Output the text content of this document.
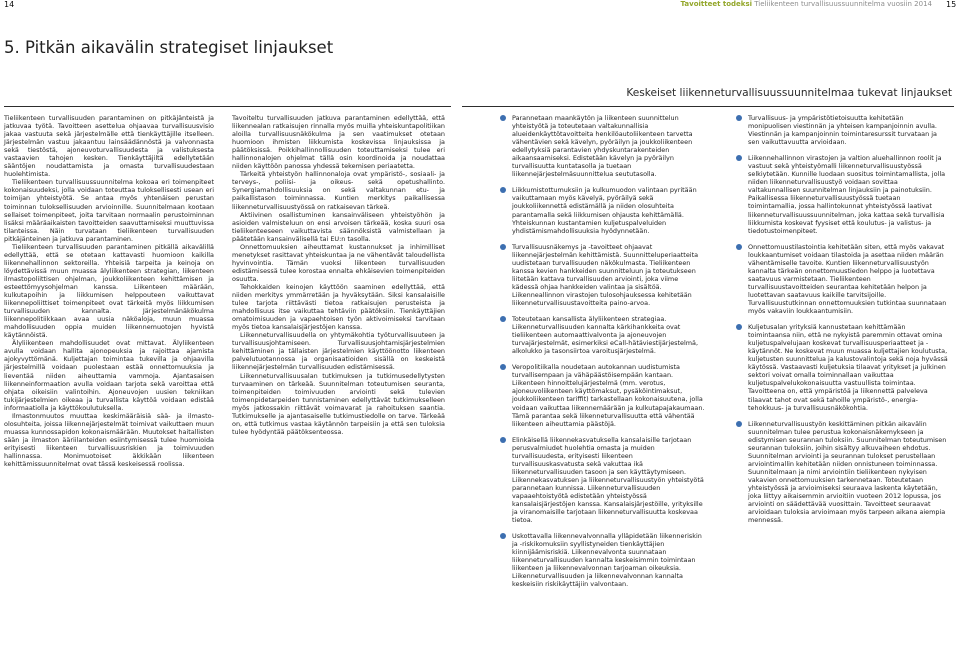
14	Tavoitteet todeksi Tieliikenteen turvallisuussuunnitelma vuosiin 2014 15
5. Pitkän aikavälin strategiset linjaukset
Keskeiset liikenneturvallisuussuunnitelmaa tukevat linjaukset

Tieliikenteen turvallisuuden parantaminen on pitkäjänteistä ja jatkuvaa työtä. Tavoitteen asettelua ohjaavaa turvallisuusvisio jakaa vastuuta sekä järjestelmälle että tienkäyttäjille itselleen. Järjestelmän vastuu jakaantuu lainsäädännöstä ja valvonnasta sekä tiestöstä, ajoneuvoturvallisuudesta ja valistuksesta vastaavien tahojen kesken. Tienkäyttäjiltä edellytetään sääntöjen noudattamista ja omasta turvallisuudestaan huolehtimista.

Tieliikenteen turvallisuussuunnitelma kokoaa eri toimenpiteet kokonaisuudeksi, jolla voidaan toteuttaa tuloksellisesti usean eri toimijan yhteistyötä. Se antaa myös yhtenäisen perustan toiminnan tuloksellisuuden arvioinnille. Suunnitelmaan kootaan sellaiset toimenpiteet, joita tarvitaan normaalin perustoiminnan lisäksi määräaikaisten tavoitteiden saavuttamiseksi muuttuvissa tilanteissa. Näin turvataan tieliikenteen turvallisuuden pitkäjänteinen ja jatkuva parantaminen.

Tieliikenteen turvallisuuden parantaminen pitkällä aikavälillä edellyttää, että se otetaan kattavasti huomioon kaikilla liikennehallinnon sektoreilla. Yhteisiä tarpeita ja keinoja on löydettävissä muun muassa älyliikenteen strategian, liikenteen ilmastopoliittisen ohjelman, joukkoliikenteen kehittämisen ja esteettömyysohjelman kanssa. Liikenteen määrään, kulkutapoihin ja liikkumisen helppouteen vaikuttavat liikennepoliittiset toimenpiteet ovat tärkeitä myös liikkumisen turvallisuuden kannalta. Järjestelmänäkökulma liikennepolitiikkaan avaa uusia näköaloja, muun muassa mahdollisuuden oppia muiden liikennemuotojen hyvistä käytännöistä.

Älyliikenteen mahdollisuudet ovat mittavat. Älyliikenteen avulla voidaan hallita ajonopeuksia ja rajoittaa ajamista ajokyvyttömänä. Kuljettajan toimintaa tukevilla ja ohjaavilla järjestelmillä voidaan puolestaan estää onnettomuuksia ja lieventää niiden aiheuttamia vammoja. Ajantasaisen liikenneinformaation avulla voidaan tarjota sekä varoittaa että ohjata oikeisiin valintoihin. Ajoneuvojen uusien tekniikan tukijärjestelmien oikeaa ja turvallista käyttöä voidaan edistää informaatiolla ja käyttökoulutuksella.

Ilmastonmuutos muuttaa keskimääräisiä sää- ja ilmasto-olosuhteita, joissa liikennejärjestelmät toimivat vaikuttaen muun muassa kunnossapidon kokonaismäärään. Muutokset haitallisten sään ja ilmaston ääriilanteiden esiintymisessä tulee huomioida erityisesti liikenteen turvallisuusriskien ja toimivuuden hallinnassa. Monimuotoiset äkkikään liikenteen kehittämissuunnitelmat ovat tässä keskeisessä roolissa.

Tavoiteltu turvallisuuden jatkuva parantaminen edellyttää, että liikennealan ratkaisujen rinnalla myös muilla yhteiskuntapolitiikan aloilla turvallisuusnäkökulma ja sen vaatimukset otetaan huomioon ihmisten liikkumista koskevissa linjauksissa ja päätöksissä. Poikkihallinnollisuuden toteuttamiseksi tulee eri hallinnonalojen ohjelmat tällä osin koordinoida ja noudattaa niiden käyttöön panossa yhdessä tekemisen periaatetta.

Tärkeitä yhteistyön hallinnonaloja ovat ympäristö-, sosiaali- ja terveys-, poliisi- ja oikeus- sekä opetushallinto. Synergiamahdollisuuksia on sekä valtakunnan etu- ja paikallistason toiminnassa. Kuntien merkitys paikallisessa liikenneturvallisuustyössä on ratkaisevan tärkeä.

Aktiivinen osallistuminen kansainväliseen yhteistyöhön ja asioiden valmisteluun on ensi arvoisen tärkeää, koska suuri osa tieliikenteeseen vaikuttavista säännöksistä valmistellaan ja päätetään kansainvälisellä tai EU:n tasolla.

Onnettomuuksien aiheuttamat kustannukset ja inhimilliset menetykset rasittavat yhteiskuntaa ja ne vähentävät taloudellista hyvinvointia. Tämän vuoksi liikenteen turvallisuuden edistämisessä tulee korostaa ennalta ehkäisevien toimenpiteiden osuutta.

Tehokkaiden keinojen käyttöön saaminen edellyttää, että niiden merkitys ymmärretään ja hyväksytään. Siksi kansalaisille tulee tarjota riittävästi tietoa ratkaisujen perusteista ja mahdollisuus itse vaikuttaa tehtäviin päätöksiin. Tienkäyttäjien omatoimisuuden ja vapaehtoisen työn aktivoimiseksi tarvitaan myös tietoa kansalaisjärjestöjen kanssa.

Liikenneturvallisuudella on yhtymäkohtia työturvallisuuteen ja turvallisuusjohtamiseen. Turvallisuusjohtamisjärjestelmien kehittäminen ja tällaisten järjestelmien käyttöönotto liikenteen palvelutuotannossa ja organisaatioiden sisällä on keskeistä liikennejärjestelmän turvallisuuden edistämisessä.

Liikenneturvallisuusalan tutkimuksen ja tutkimusedellytysten turvaaminen on tärkeää. Suunnitelman toteutumisen seuranta, toimenpiteiden toimivuuden arviointi sekä tulevien toimenpidetarpeiden tunnistaminen edellyttävät tutkimukselleen myös jatkossakin riittävät voimavarat ja rahoituksen saantia. Tutkimukselle ja ajantasaiselle tutkimustiedolle on tarve. Tärkeää on, että tutkimus vastaa käytännön tarpeisiin ja että sen tuloksia tulee hyödyntää päätöksenteossa.

Parannetaan maankäytön ja liikenteen suunnittelun yhteistyötä ja toteutetaan valtakunnallisia alueidenkäyttötavoitteita henkilöautoliikenteen tarvetta vähentävien sekä kävelyn, pyöräilyn ja joukkoliikenteen edellytyksiä parantavien yhdyskuntarakenteiden aikaansaamiseksi. Edistetään kävelyn ja pyöräilyn turvallisuutta kuntatasolla ja tuetaan liikennejärjestelmäsuunnittelua seututasolla.
Liikkumistottumuksiin ja kulkumuodon valintaan pyritään vaikuttamaan myös kävelyä, pyöräilyä sekä joukkoliikennettä edistämällä ja niiden olosuhteita parantamalla sekä liikkumisen ohjausta kehittämällä. Yhteiskunnan kustantamien kuljetuspalveluiden yhdistämismahdollisuuksia hyödynnetään.
Turvallisuusnäkemys ja -tavoitteet ohjaavat liikennejärjestelmän kehittämistä. Suunnitteluperiaatteita uudistetaan turvallisuuden näkökulmasta. Tieliikenteen kanssa kevien hankkeiden suunnitteluun ja toteutukseen liitetään kattava turvallisuuden arviointi, joka viime kädessä ohjaa hankkeiden valintaa ja sisältöä. Liikenneallinnon virastojen tulosohjauksessa kehitetään liikenneturvallisuustavoitteita paino-arvoa.
Toteutetaan kansallista älyliikenteen strategiaa. Liikenneturvallisuuden kannalta kärkihankkeita ovat tieliikenteen automaattivalvonta ja ajoneuvojen turvajärjestelmät, esimerkiksi eCall-hätäviestijärjestelmä, alkolukko ja tasonsiirtoa varoitusjärjestelmä.
Veropolitiikalla noudetaan autokannan uudistumista turvallisempaan ja vähäpäästöisempään kantaan. Liikenteen hinnoittelujärjestelmä (mm. verotus, ajoneuvoliikenteen käyttömaksut, pysäköintimaksut, joukkoliikenteen tariffit) tarkastellaan kokonaisuutena, jolla voidaan vaikuttaa liikennemäärään ja kulkutapajakaumaan. Tämä parantaa sekä liikenneturvallisuutta että vähentää liikenteen aiheuttamia päästöjä.
Elinkäisellä liikennekasvatuksella kansalaisille tarjotaan perusvalmiudet huolehtia omasta ja muiden turvallisuudesta, erityisesti liikenteen turvallisuuskasvatusta sekä vakuttaa ikä liikenneturvallisuuden tasoon ja sen käyttäytymiseen. Liikennekasvatuksen ja liikenneturvallisuustyön yhteistyötä parannetaan kunnissa. Liikenneturvallisuuden vapaaehtoistyötä edistetään yhteistyössä kansalaisjärjestöjen kanssa. Kansalaisjärjestöille, yrityksille ja viranomaisille tarjotaan liikenneturvallisuutta koskevaa tietoa.
Uskottavalla liikennevalvonnalla ylläpidetään liikenneriskin ja -riskikomuksiin syyllistyneiden tienkäyttäjien kiinnijäämisriskiä. Liikennevalvonta suunnataan liikenneturvallisuuden kannalta keskeisimmin toimintaan liikenteen ja liikennevalvonnan tarjoaman oikeuksia. Liikenneturvallisuuden ja liikennevalvonnan kannalta keskeisiin riskikäyttäjiin valvontaan.
Turvallisuus- ja ympäristötietoisuutta kehitetään monipuolisen viestinnän ja yhteisen kampanjoinnin avulla. Viestinnän ja kampanjoinnin toimintaresurssit turvataan ja sen vaikuttavuutta arvioidaan.
Liikennehallinnon virastojen ja valtion aluehallinnon roolit ja vastuut sekä yhteistyömalli liikenneturvallisuustyössä selkiytetään. Kunnille luodaan suositus toimintamallista, jolla niiden liikenneturvallisuustyö voidaan sovittaa valtakunnallisen suunnitelman linjauksiin ja painotuksiin. Paikallisessa liikenneturvallisuustyössä tuetaan toimintamallia, jossa hallintokunnat yhteistyössä laativat liikenneturvallisuussuunnitelman, joka kattaa sekä turvallisia liikkumista koskevat fyysiset että koulutus- ja valistus- ja tiedotustoimenpiteet.
Onnettomuustilastointia kehitetään siten, että myös vakavat loukkaantumiset voidaan tilastoida ja asettaa niiden määrän vähentämiselle tavoite. Kuntien liikenneturvallisuustyön kannalta tärkeän onnettomuustiedon helppo ja luotettava saatavuus varmistetaan. Tieliikenteen turvallisuustavoitteiden seurantaa kehitetään helpon ja luotettavan saatavuus kaikille tarvitsijoille. Turvallisuustutkinnan onnettomuuksien tutkintaa suunnataan myös vakaviin loukkaantumisiin.
Kuljetusalan yrityksiä kannustetaan kehittämään toimintaansa niin, että ne nykyistä paremmin ottavat omina kuljetuspalvelujaan koskevat turvallisuusperiaatteet ja -käytännöt. Ne koskevat muun muassa kuljettajien koulutusta, kuljetusten suunnittelua ja kalustovalintoja sekä noja hyvässä käytössä. Vastaavasti kuljetuksia tilaavat yritykset ja julkinen sektori voivat omalla toiminnallaan vaikuttaa kuljetuspalvelukokonaisuutta vastuullista toimintaa. Tavoitteena on, että ympäristöä ja liikennettä palveleva tilaavat tahot ovat sekä tahoille ympäristö-, energia- tehokkuus- ja turvallisuusnäkökohtia.
Liikenneturvallisuustyön keskittäminen pitkän aikavälin suunnitelman tulee perustua kokonaisnäkemykseen ja edistymisen seurannan tuloksiin. Suunnitelman toteutumisen seurannan tuloksiin, joihin sisältyy alkuvaiheen ehdotus. Suunnitelman arviointi ja seurannan tulokset perustellaan arviointimallin kehitetään niiden onnistuneen toiminnassa. Suunnitelmaan ja nimi arviointiin tieliikenteen nykyisen vakavien onnettomuuksien tarkennetaan. Toteutetaan yhteistyössä ja arvioimiseksi seuraava laskenta käytetään, joka liittyy aikaisemmin arvioitiin vuoteen 2012 lopussa, jos arviointi on säädettävää vuosittain. Tavoitteet seuraavat arvioidaan tuloksia arvioimaan myös tarpeen aikana aiempia mennessä.
